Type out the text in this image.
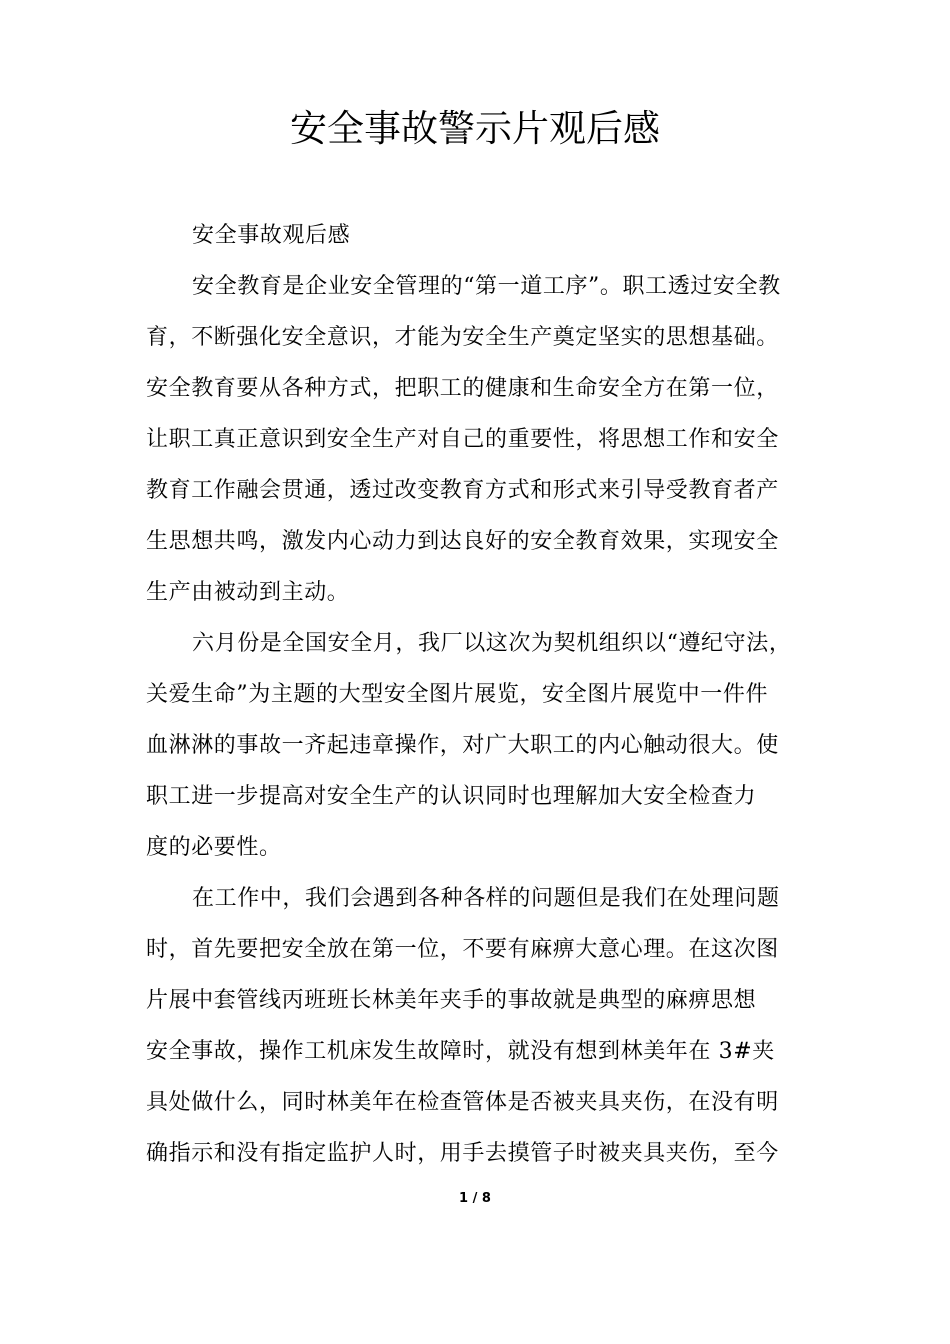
安全事故警示片观后感
安全事故观后感
安全教育是企业安全管理的“第一道工序”。职工透过安全教
育，不断强化安全意识，才能为安全生产奠定坚实的思想基础。
安全教育要从各种方式，把职工的健康和生命安全方在第一位，
让职工真正意识到安全生产对自己的重要性，将思想工作和安全
教育工作融会贯通，透过改变教育方式和形式来引导受教育者产
生思想共鸣，激发内心动力到达良好的安全教育效果，实现安全
生产由被动到主动。
六月份是全国安全月，我厂以这次为契机组织以“遵纪守法，
关爱生命”为主题的大型安全图片展览，安全图片展览中一件件
血淋淋的事故一齐起违章操作，对广大职工的内心触动很大。使
职工进一步提高对安全生产的认识同时也理解加大安全检查力
度的必要性。
在工作中，我们会遇到各种各样的问题但是我们在处理问题
时，首先要把安全放在第一位，不要有麻痹大意心理。在这次图
片展中套管线丙班班长林美年夹手的事故就是典型的麻痹思想
安全事故，操作工机床发生故障时，就没有想到林美年在 3#夹
具处做什么，同时林美年在检查管体是否被夹具夹伤，在没有明
确指示和没有指定监护人时，用手去摸管子时被夹具夹伤，至今
1 / 8
